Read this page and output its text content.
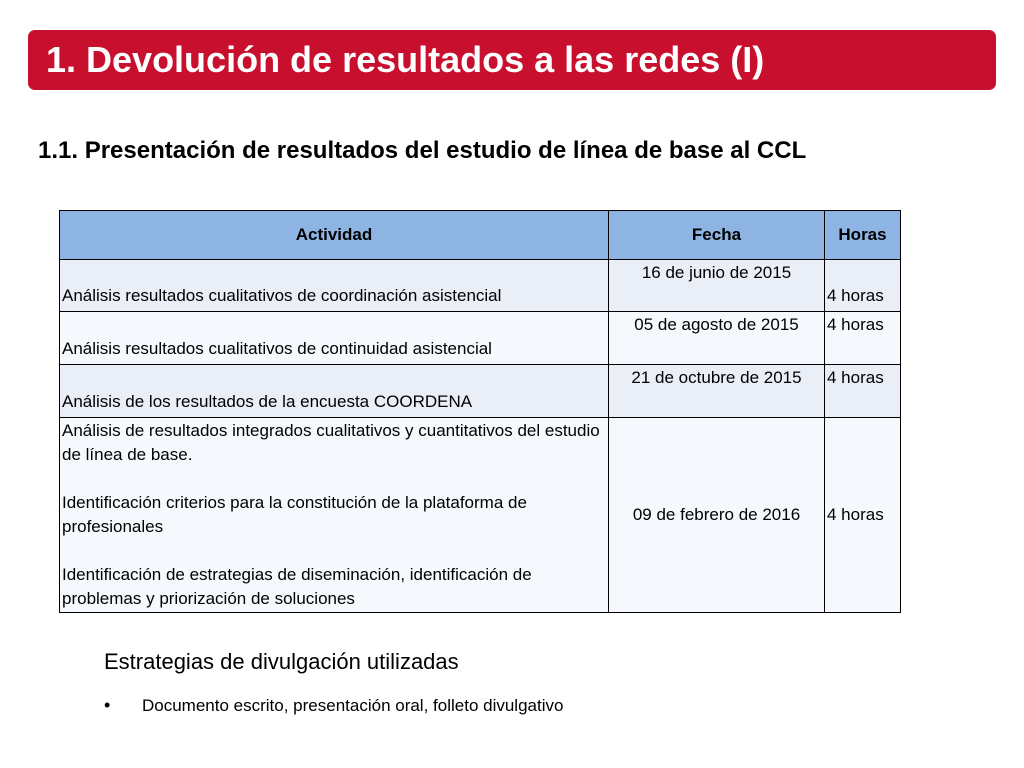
1. Devolución de resultados a las redes (I)
1.1. Presentación de resultados del estudio de línea de base al CCL
Actividad	Fecha	Horas
Análisis resultados cualitativos de coordinación asistencial	16 de junio de 2015	4 horas
Análisis resultados cualitativos de continuidad asistencial	05 de agosto de 2015	4 horas
Análisis de los resultados de la encuesta COORDENA	21 de octubre de 2015	4 horas

Análisis de resultados integrados cualitativos y cuantitativos del estudio de línea de base.

Identificación criterios para la constitución de la plataforma de profesionales

Identificación de estrategias de diseminación, identificación de problemas y priorización de soluciones	09 de febrero de 2016	4 horas
Estrategias de divulgación utilizadas
•	Documento escrito, presentación oral, folleto divulgativo
